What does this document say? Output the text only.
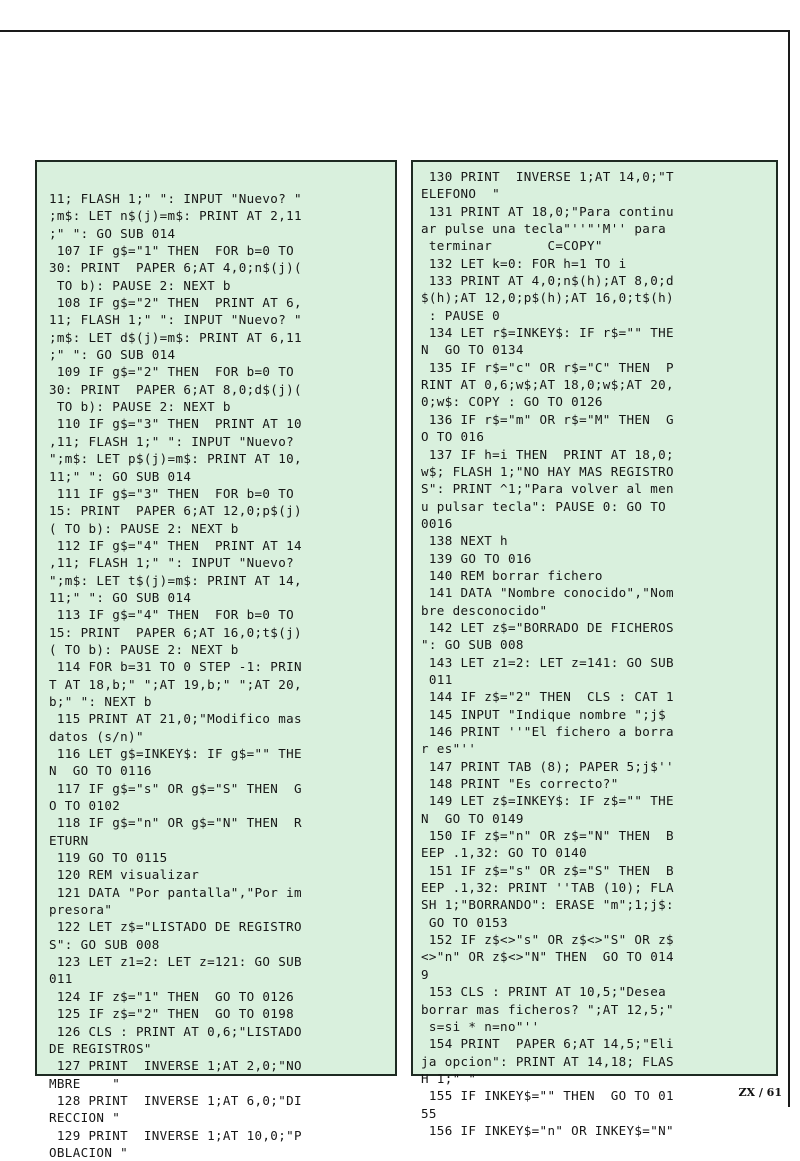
11; FLASH 1;" ": INPUT "Nuevo? "
;m$: LET n$(j)=m$: PRINT AT 2,11
;" ": GO SUB 014
107 IF g$="1" THEN  FOR b=0 TO
30: PRINT  PAPER 6;AT 4,0;n$(j)(
TO b): PAUSE 2: NEXT b
108 IF g$="2" THEN  PRINT AT 6,
11; FLASH 1;" ": INPUT "Nuevo? "
;m$: LET d$(j)=m$: PRINT AT 6,11
;" ": GO SUB 014
109 IF g$="2" THEN  FOR b=0 TO
30: PRINT  PAPER 6;AT 8,0;d$(j)(
TO b): PAUSE 2: NEXT b
110 IF g$="3" THEN  PRINT AT 10
,11; FLASH 1;" ": INPUT "Nuevo?
";m$: LET p$(j)=m$: PRINT AT 10,
11;" ": GO SUB 014
111 IF g$="3" THEN  FOR b=0 TO
15: PRINT  PAPER 6;AT 12,0;p$(j)
( TO b): PAUSE 2: NEXT b
112 IF g$="4" THEN  PRINT AT 14
,11; FLASH 1;" ": INPUT "Nuevo?
";m$: LET t$(j)=m$: PRINT AT 14,
11;" ": GO SUB 014
113 IF g$="4" THEN  FOR b=0 TO
15: PRINT  PAPER 6;AT 16,0;t$(j)
( TO b): PAUSE 2: NEXT b
114 FOR b=31 TO 0 STEP -1: PRIN
T AT 18,b;" ";AT 19,b;" ";AT 20,
b;" ": NEXT b
115 PRINT AT 21,0;"Modifico mas
datos (s/n)"
116 LET g$=INKEY$: IF g$="" THE
N  GO TO 0116
117 IF g$="s" OR g$="S" THEN  G
O TO 0102
118 IF g$="n" OR g$="N" THEN  R
ETURN
119 GO TO 0115
120 REM visualizar
121 DATA "Por pantalla","Por im
presora"
122 LET z$="LISTADO DE REGISTRO
S": GO SUB 008
123 LET z1=2: LET z=121: GO SUB
011
124 IF z$="1" THEN  GO TO 0126
125 IF z$="2" THEN  GO TO 0198
126 CLS : PRINT AT 0,6;"LISTADO
DE REGISTROS"
127 PRINT  INVERSE 1;AT 2,0;"NO
MBRE    "
128 PRINT  INVERSE 1;AT 6,0;"DI
RECCION "
129 PRINT  INVERSE 1;AT 10,0;"P
OBLACION "
130 PRINT  INVERSE 1;AT 14,0;"T
ELEFONO  "
131 PRINT AT 18,0;"Para continu
ar pulse una tecla"''"'M'' para
terminar       C=COPY"
132 LET k=0: FOR h=1 TO i
133 PRINT AT 4,0;n$(h);AT 8,0;d
$(h);AT 12,0;p$(h);AT 16,0;t$(h)
: PAUSE 0
134 LET r$=INKEY$: IF r$="" THE
N  GO TO 0134
135 IF r$="c" OR r$="C" THEN  P
RINT AT 0,6;w$;AT 18,0;w$;AT 20,
0;w$: COPY : GO TO 0126
136 IF r$="m" OR r$="M" THEN  G
O TO 016
137 IF h=i THEN  PRINT AT 18,0;
w$; FLASH 1;"NO HAY MAS REGISTRO
S": PRINT ^1;"Para volver al men
u pulsar tecla": PAUSE 0: GO TO
0016
138 NEXT h
139 GO TO 016
140 REM borrar fichero
141 DATA "Nombre conocido","Nom
bre desconocido"
142 LET z$="BORRADO DE FICHEROS
": GO SUB 008
143 LET z1=2: LET z=141: GO SUB
011
144 IF z$="2" THEN  CLS : CAT 1
145 INPUT "Indique nombre ";j$
146 PRINT ''"El fichero a borra
r es"''
147 PRINT TAB (8); PAPER 5;j$''
148 PRINT "Es correcto?"
149 LET z$=INKEY$: IF z$="" THE
N  GO TO 0149
150 IF z$="n" OR z$="N" THEN  B
EEP .1,32: GO TO 0140
151 IF z$="s" OR z$="S" THEN  B
EEP .1,32: PRINT ''TAB (10); FLA
SH 1;"BORRANDO": ERASE "m";1;j$:
GO TO 0153
152 IF z$<>"s" OR z$<>"S" OR z$
<>"n" OR z$<>"N" THEN  GO TO 014
9
153 CLS : PRINT AT 10,5;"Desea
borrar mas ficheros? ";AT 12,5;"
s=si * n=no"''
154 PRINT  PAPER 6;AT 14,5;"Eli
ja opcion": PRINT AT 14,18; FLAS
H 1;" "
155 IF INKEY$="" THEN  GO TO 01
55
156 IF INKEY$="n" OR INKEY$="N"
ZX / 61
